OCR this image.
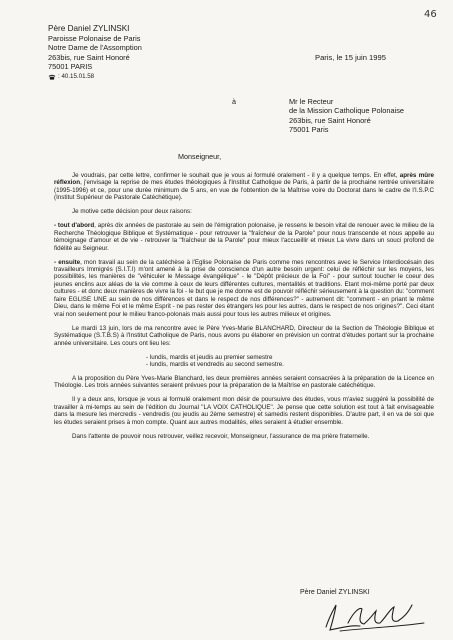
46
Père Daniel ZYLINSKI
Paroisse Polonaise de Paris
Notre Dame de l'Assomption
263bis, rue Saint Honoré
75001 PARIS
: 40.15.01.58
Paris, le 15 juin 1995
à	Mr le Recteur
de la Mission Catholique Polonaise
263bis, rue Saint Honoré
75001 Paris
Monseigneur,

Je voudrais, par cette lettre, confirmer le souhait que je vous ai formulé oralement - il y a quelque temps. En effet, après mûre réflexion, j'envisage la reprise de mes études théologiques à l'Institut Catholique de Paris, à partir de la prochaine rentrée universitaire (1995-1996) et ce, pour une durée minimum de 5 ans, en vue de l'obtention de la Maîtrise voire du Doctorat dans le cadre de l'I.S.P.C (Institut Supérieur de Pastorale Catéchétique).

Je motive cette décision pour deux raisons:

- tout d'abord, après dix années de pastorale au sein de l'émigration polonaise, je ressens le besoin vital de renouer avec le milieu de la Recherche Théologique Biblique et Systématique - pour retrouver la "fraîcheur de la Parole" pour nous transcende et nous appelle au témoignage d'amour et de vie - retrouver la "fraîcheur de la Parole" pour mieux l'accueillir et mieux La vivre dans un souci profond de fidélité au Seigneur.

- ensuite, mon travail au sein de la catéchèse à l'Eglise Polonaise de Paris comme mes rencontres avec le Service Interdiocésain des travailleurs Immigrés (S.I.T.I) m'ont amené à la prise de conscience d'un autre besoin urgent: celui de réfléchir sur les moyens, les possibilités, les manières de "véhiculer le Message évangélique" - le "Dépôt précieux de la Foi" - pour surtout toucher le coeur des jeunes enclins aux aléas de la vie comme à ceux de leurs différentes cultures, mentalités et traditions. Etant moi-même porté par deux cultures - et donc deux manières de vivre la foi - le but que je me donne est de pouvoir réfléchir sérieusement à la question du: "comment faire EGLISE UNE au sein de nos différences et dans le respect de nos différences?" - autrement dit: "comment - en priant le même Dieu, dans le même Foi et le même Esprit - ne pas rester des étrangers les pour les autres, dans le respect de nos origines?". Ceci étant vrai non seulement pour le milieu franco-polonais mais aussi pour tous les autres milieux et origines.

Le mardi 13 juin, lors de ma rencontre avec le Père Yves-Marie BLANCHARD, Directeur de la Section de Théologie Biblique et Systématique (S.T.B.S) à l'Institut Catholique de Paris, nous avons pu élaborer en prévision un contrat d'études portant sur la prochaine année universitaire. Les cours ont lieu les:

- lundis, mardis et jeudis au premier semestre
- lundis, mardis et vendredis au second semestre.

A la proposition du Père Yves-Marie Blanchard, les deux premières années seraient consacrées à la préparation de la Licence en Théologie. Les trois années suivantes seraient prévues pour la préparation de la Maîtrise en pastorale catéchétique.

Il y a deux ans, lorsque je vous ai formulé oralement mon désir de poursuivre des études, vous m'aviez suggéré la possibilité de travailler à mi-temps au sein de l'édition du Journal "LA VOIX CATHOLIQUE". Je pense que cette solution est tout à fait envisageable dans la mesure les mercredis - vendredis (ou jeudis au 2ème semestre) et samedis restent disponibles. D'autre part, il en va de soi que les études seraient prises à mon compte. Quant aux autres modalités, elles seraient à étudier ensemble.

Dans l'attente de pouvoir nous retrouver, veillez recevoir, Monseigneur, l'assurance de ma prière fraternelle.

Père Daniel ZYLINSKI
